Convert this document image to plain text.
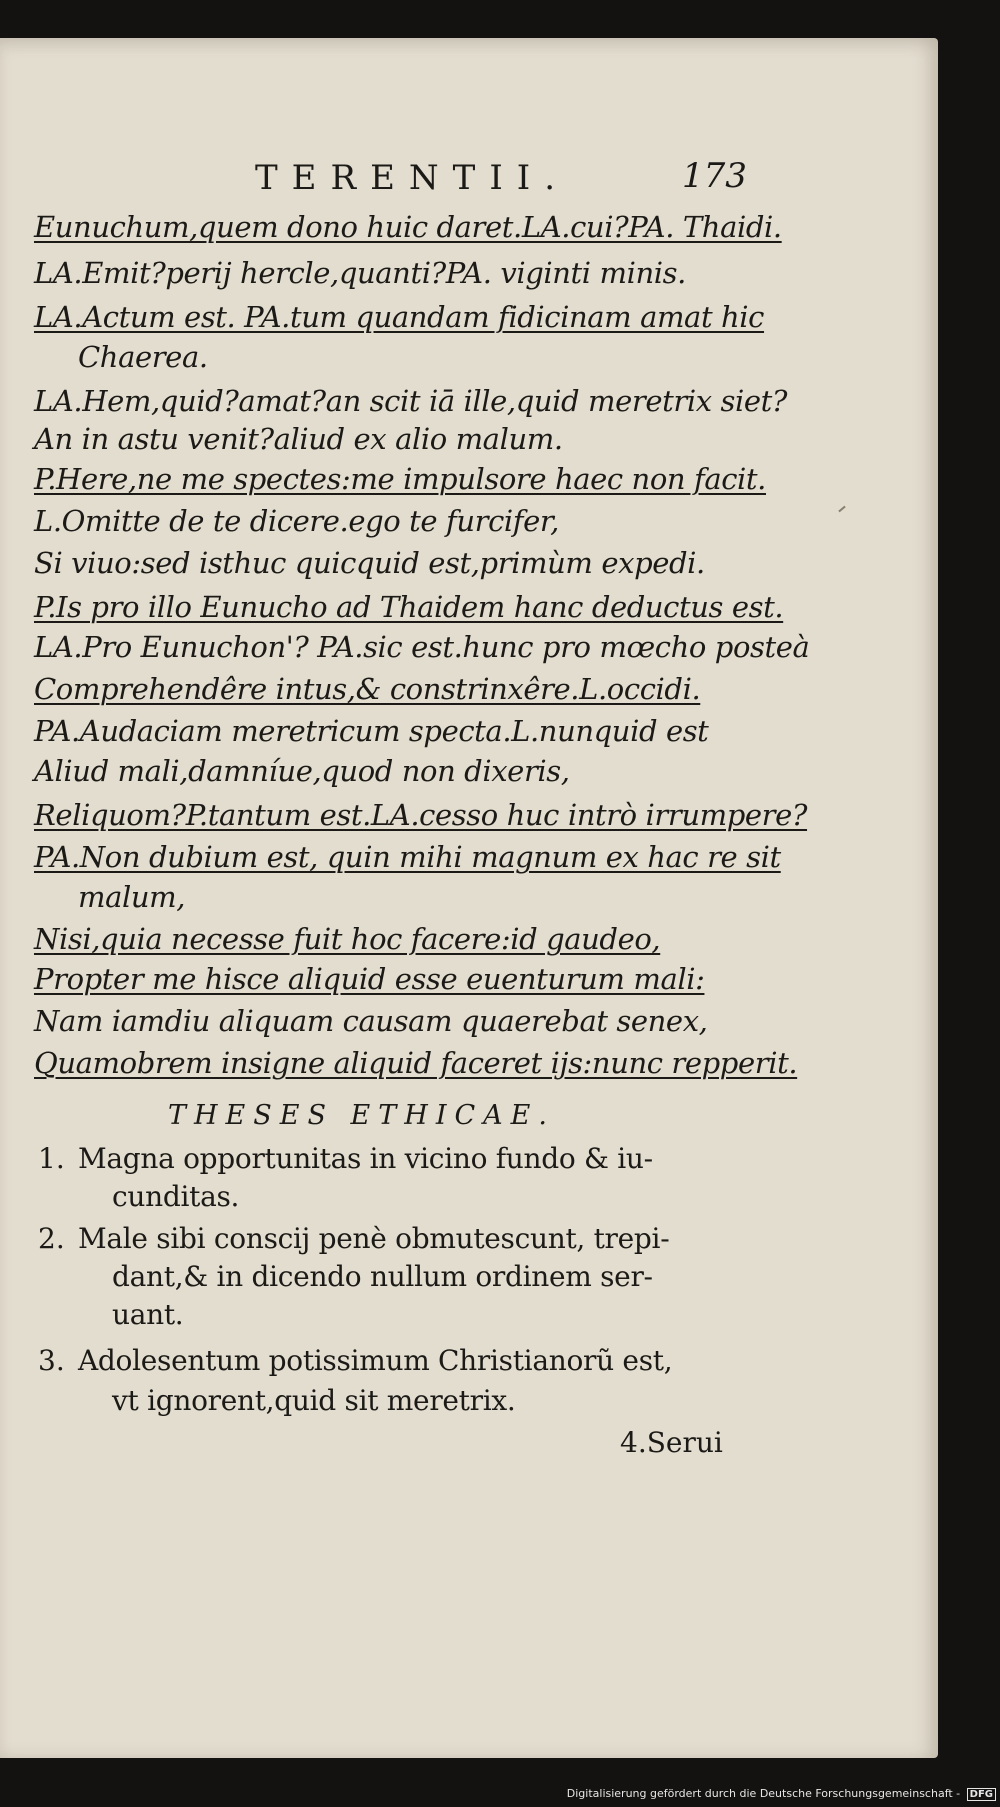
TERENTII.	173
Eunuchum,quem dono huic daret.LA.cui?PA. Thaidi.
LA.Emit?perij hercle,quanti?PA. viginti minis.
LA.Actum est. PA.tum quandam fidicinam amat hic
Chaerea.
LA.Hem,quid?amat?an scit iā ille,quid meretrix siet?
An in astu venit?aliud ex alio malum.
P.Here,ne me spectes:me impulsore haec non facit.
L.Omitte de te dicere.ego te furcifer,
Si viuo:sed isthuc quicquid est,primùm expedi.
P.Is pro illo Eunucho ad Thaidem hanc deductus est.
LA.Pro Eunuchon'? PA.sic est.hunc pro mœcho posteà
Comprehendêre intus,& constrinxêre.L.occidi.
PA.Audaciam meretricum specta.L.nunquid est
Aliud mali,damníue,quod non dixeris,
Reliquom?P.tantum est.LA.cesso huc intrò irrumpere?
PA.Non dubium est, quin mihi magnum ex hac re sit
malum,
Nisi,quia necesse fuit hoc facere:id gaudeo,
Propter me hisce aliquid esse euenturum mali:
Nam iamdiu aliquam causam quaerebat senex,
Quamobrem insigne aliquid faceret ijs:nunc repperit.
THESES ETHICAE.
1. Magna opportunitas in vicino fundo & iu-
cunditas.
2. Male sibi conscij penè obmutescunt, trepi-
dant,& in dicendo nullum ordinem ser-
uant.
3. Adolesentum potissimum Christianorũ est,
vt ignorent,quid sit meretrix.
4.Serui
Digitalisierung gefördert durch die Deutsche Forschungsgemeinschaft - DFG
